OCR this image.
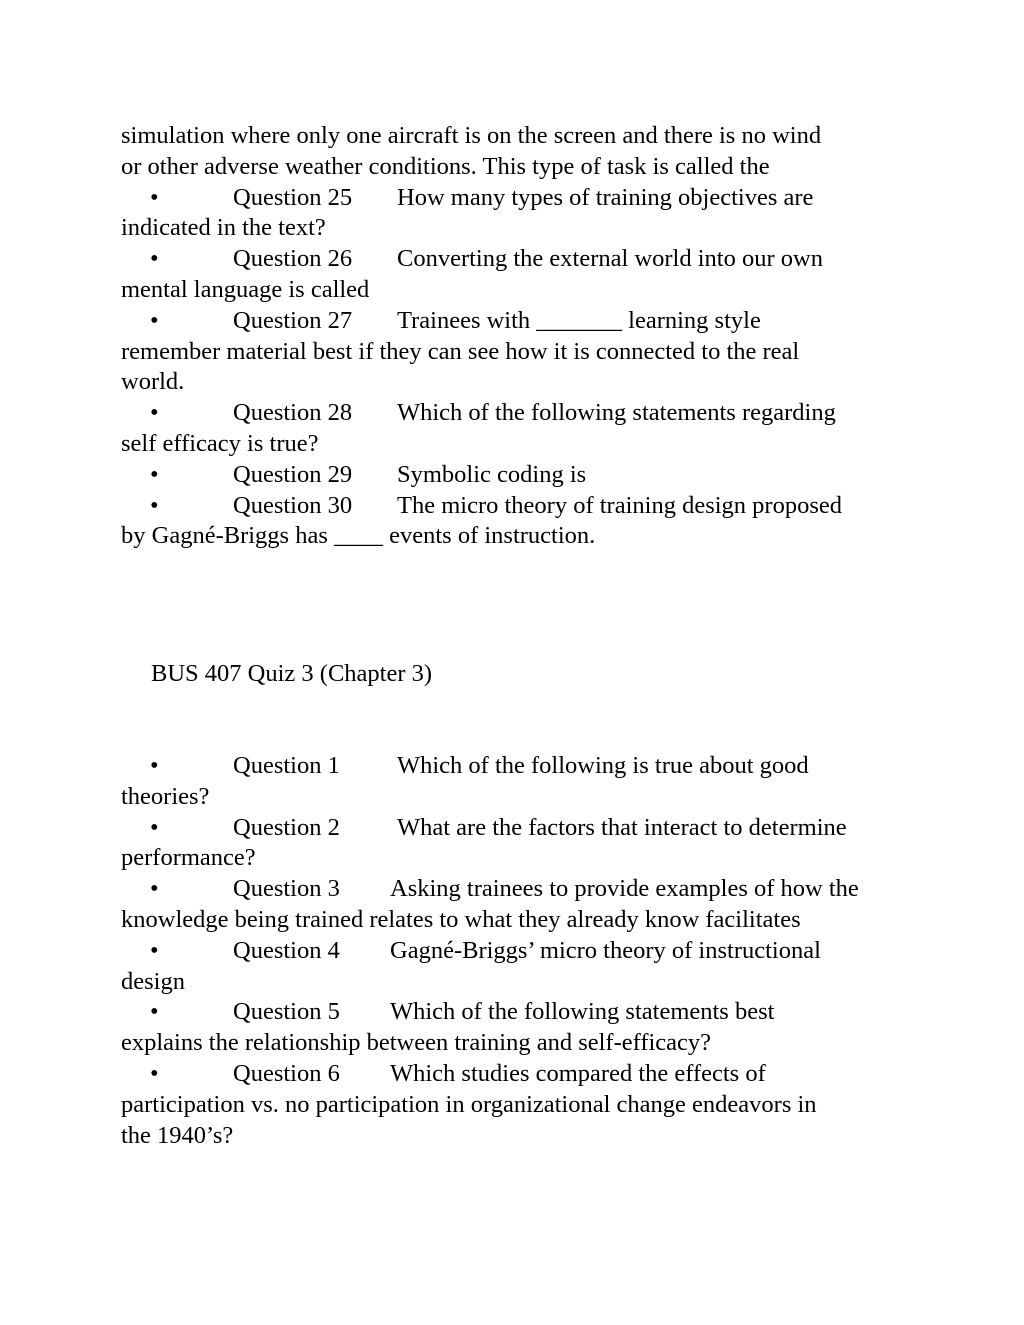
simulation where only one aircraft is on the screen and there is no wind
or other adverse weather conditions. This type of task is called the
•	Question 25 How many types of training objectives are
indicated in the text?
•	Question 26 Converting the external world into our own
mental language is called
•	Question 27 Trainees with _______ learning style
remember material best if they can see how it is connected to the real
world.
•	Question 28 Which of the following statements regarding
self efficacy is true?
•	Question 29 Symbolic coding is
•	Question 30 The micro theory of training design proposed
by Gagné-Briggs has ____ events of instruction.
BUS 407 Quiz 3 (Chapter 3)
•	Question 1 Which of the following is true about good
theories?
•	Question 2 What are the factors that interact to determine
performance?
•	Question 3 Asking trainees to provide examples of how the
knowledge being trained relates to what they already know facilitates
•	Question 4 Gagné-Briggs’ micro theory of instructional
design
•	Question 5 Which of the following statements best
explains the relationship between training and self-efficacy?
•	Question 6 Which studies compared the effects of
participation vs. no participation in organizational change endeavors in
the 1940’s?
